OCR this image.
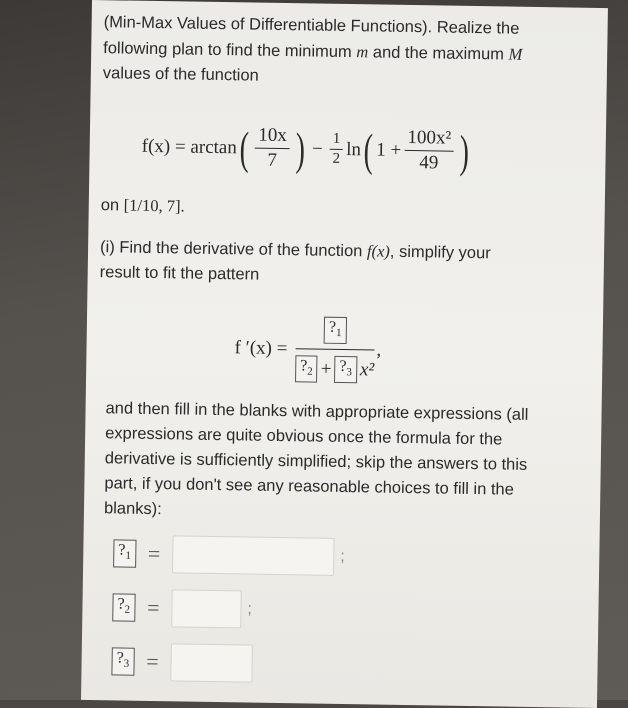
(Min-Max Values of Differentiable Functions). Realize the
following plan to find the minimum m and the maximum M
values of the function
f(x) = arctan ( $\frac{10x}{7}$ ) − $\frac{1}{2}$ ln ( $1 + \frac{\text{100x²}}{49}$ )
on [1/10, 7].
(i) Find the derivative of the function f(x), simplify your
result to fit the pattern
f $'(x) = \frac{?_1}{?_2 + ?_3 x^2}$ ,
and then fill in the blanks with appropriate expressions (all
expressions are quite obvious once the formula for the
derivative is sufficiently simplified; skip the answers to this
part, if you don't see any reasonable choices to fill in the
blanks):
$?_1$ =	;
$?_2$ =	;
$?_3$ =
